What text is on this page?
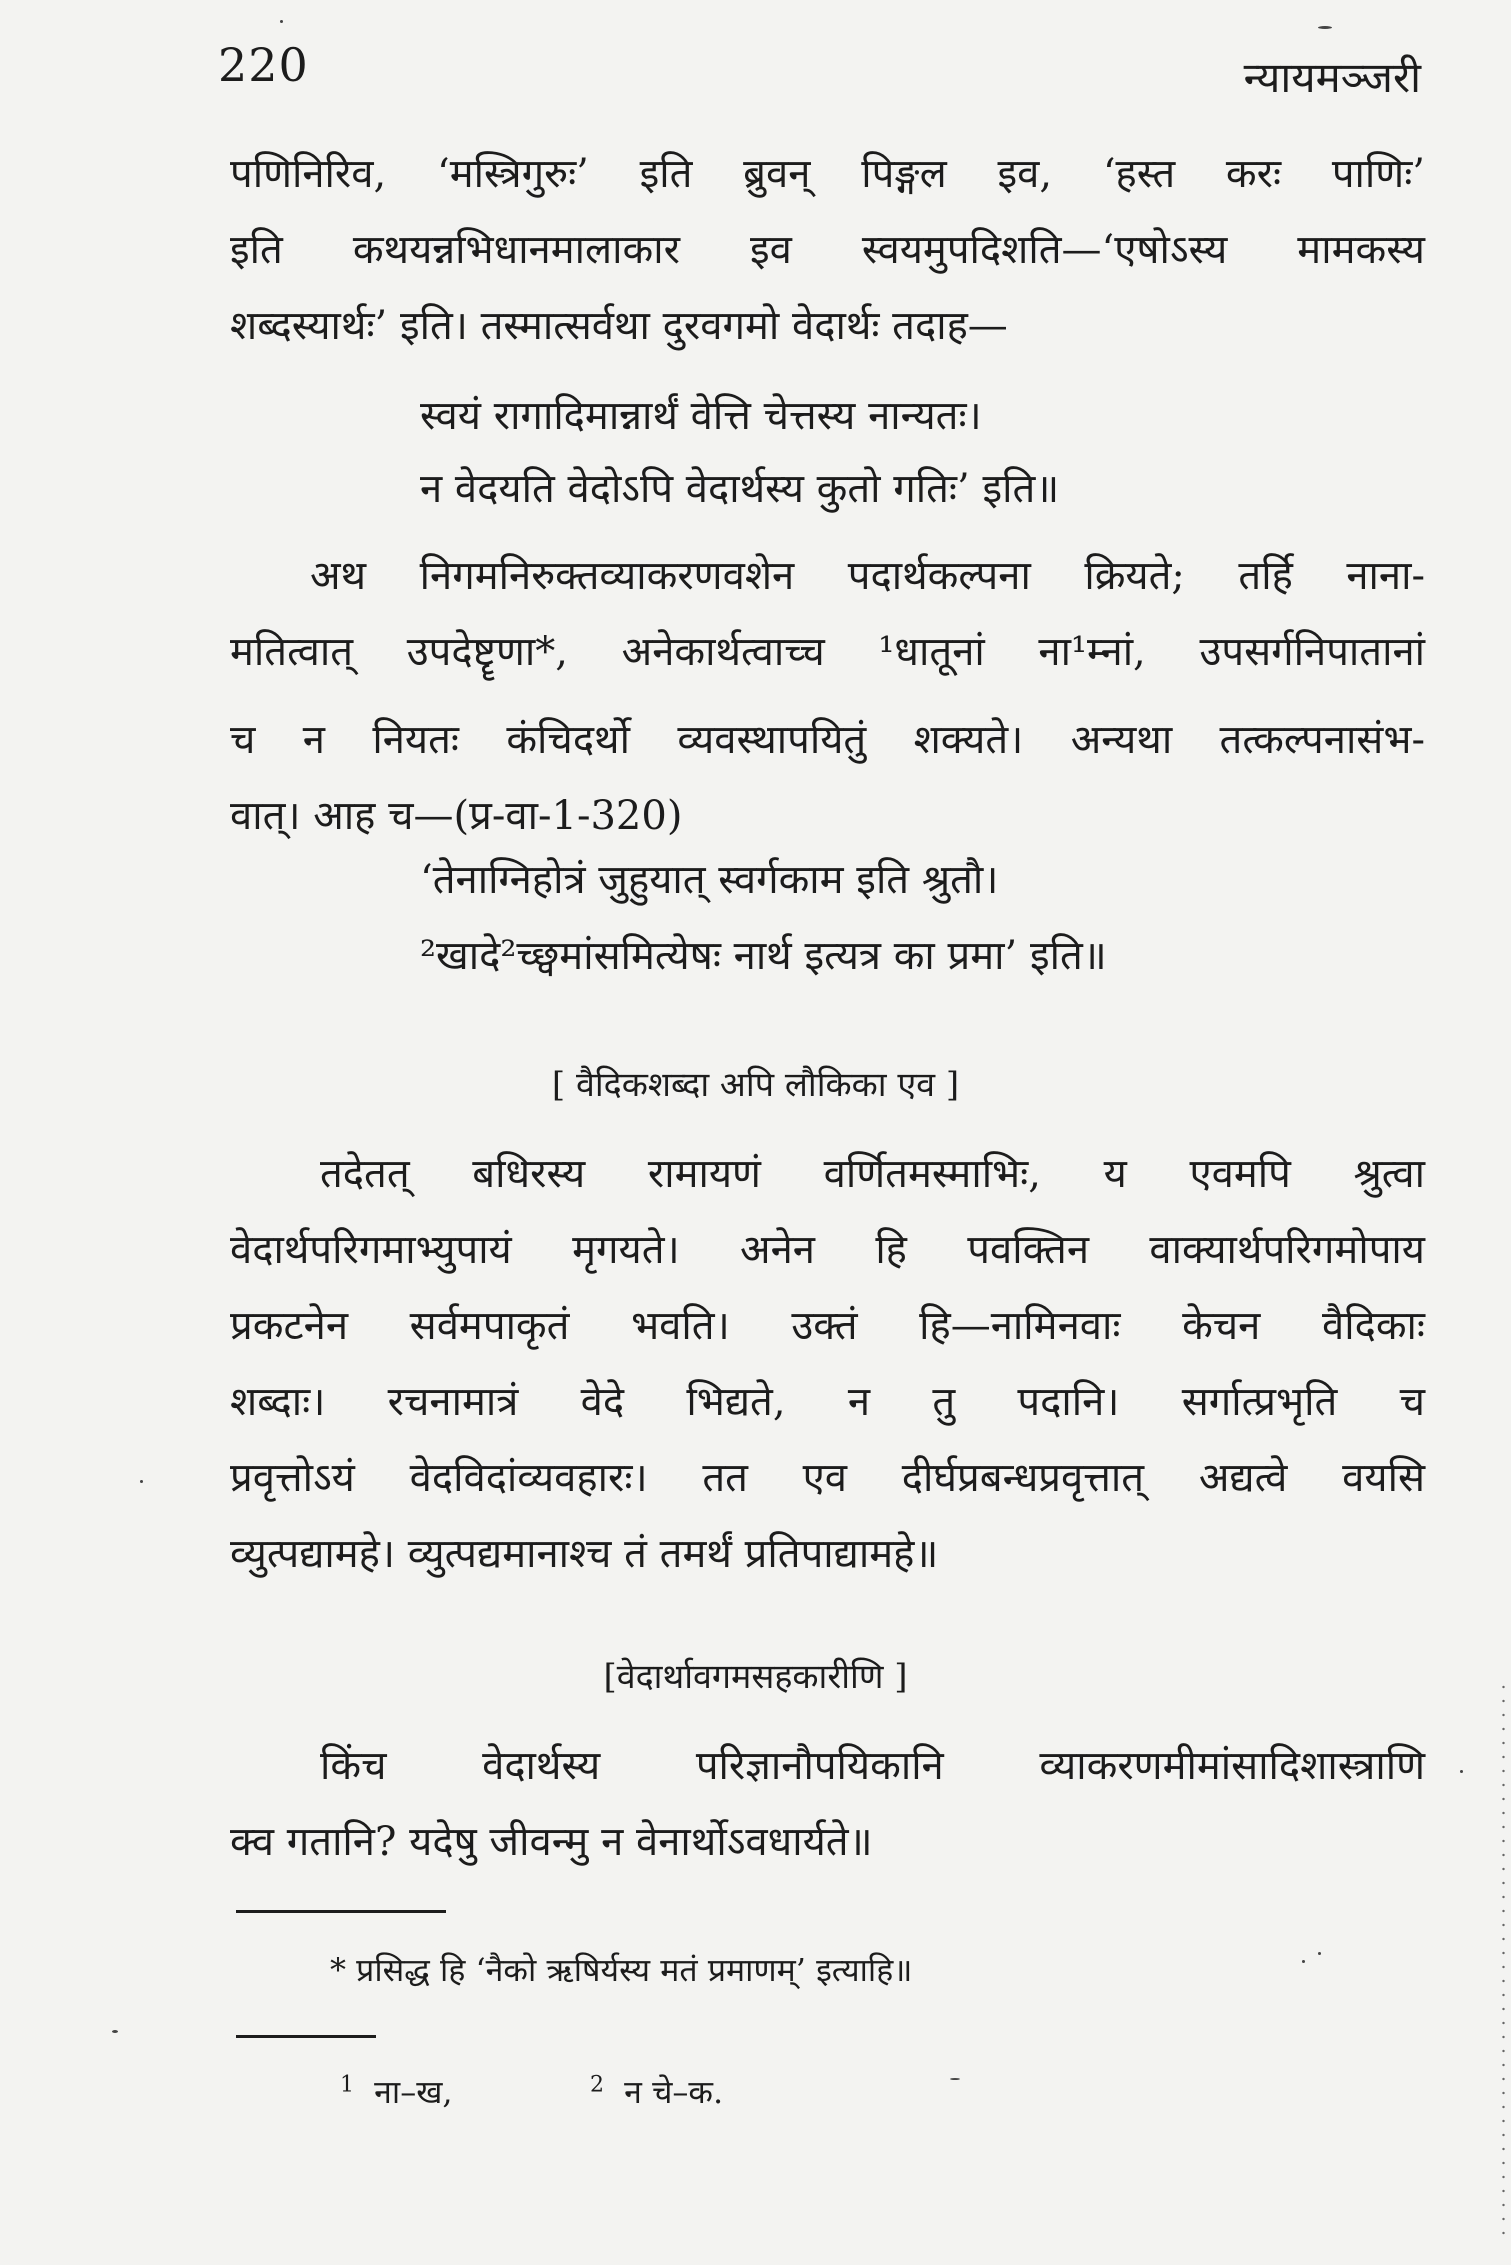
220	न्यायमञ्जरी
पणिनिरिव, ‘मस्त्रिगुरुः’ इति ब्रुवन् पिङ्गल इव, ‘हस्त करः पाणिः’
इति कथयन्नभिधानमालाकार इव स्वयमुपदिशति—‘एषोऽस्य मामकस्य
शब्दस्यार्थः’ इति। तस्मात्सर्वथा दुरवगमो वेदार्थः तदाह—
स्वयं रागादिमान्नार्थं वेत्ति चेत्तस्य नान्यतः।
न वेदयति वेदोऽपि वेदार्थस्य कुतो गतिः’ इति॥
अथ निगमनिरुक्तव्याकरणवशेन पदार्थकल्पना क्रियते; तर्हि नाना-
मतित्वात् उपदेष्टॄणा*, अनेकार्थत्वाच्च ¹धातूनां ना¹म्नां, उपसर्गनिपातानां
च न नियतः कंचिदर्थो व्यवस्थापयितुं शक्यते। अन्यथा तत्कल्पनासंभ-
वात्। आह च—(प्र-वा-1-320)
‘तेनाग्निहोत्रं जुहुयात् स्वर्गकाम इति श्रुतौ।
²खादे²च्छ्वमांसमित्येषः नार्थ इत्यत्र का प्रमा’ इति॥
[ वैदिकशब्दा अपि लौकिका एव ]
तदेतत् बधिरस्य रामायणं वर्णितमस्माभिः, य एवमपि श्रुत्वा
वेदार्थपरिगमाभ्युपायं मृगयते। अनेन हि पवक्तिन वाक्यार्थपरिगमोपाय
प्रकटनेन सर्वमपाकृतं भवति। उक्तं हि—नामिनवाः केचन वैदिकाः
शब्दाः। रचनामात्रं वेदे भिद्यते, न तु पदानि। सर्गात्प्रभृति च
प्रवृत्तोऽयं वेदविदांव्यवहारः। तत एव दीर्घप्रबन्धप्रवृत्तात् अद्यत्वे वयसि
व्युत्पद्यामहे। व्युत्पद्यमानाश्च तं तमर्थं प्रतिपाद्यामहे॥
[वेदार्थावगमसहकारीणि ]
किंच वेदार्थस्य परिज्ञानौपयिकानि व्याकरणमीमांसादिशास्त्राणि
क्व गतानि? यदेषु जीवन्मु न वेनार्थोऽवधार्यते॥
* प्रसिद्ध हि ‘नैको ऋषिर्यस्य मतं प्रमाणम्’ इत्याहि॥
$^1$ ना–ख,	$^2$ न चे–क.
